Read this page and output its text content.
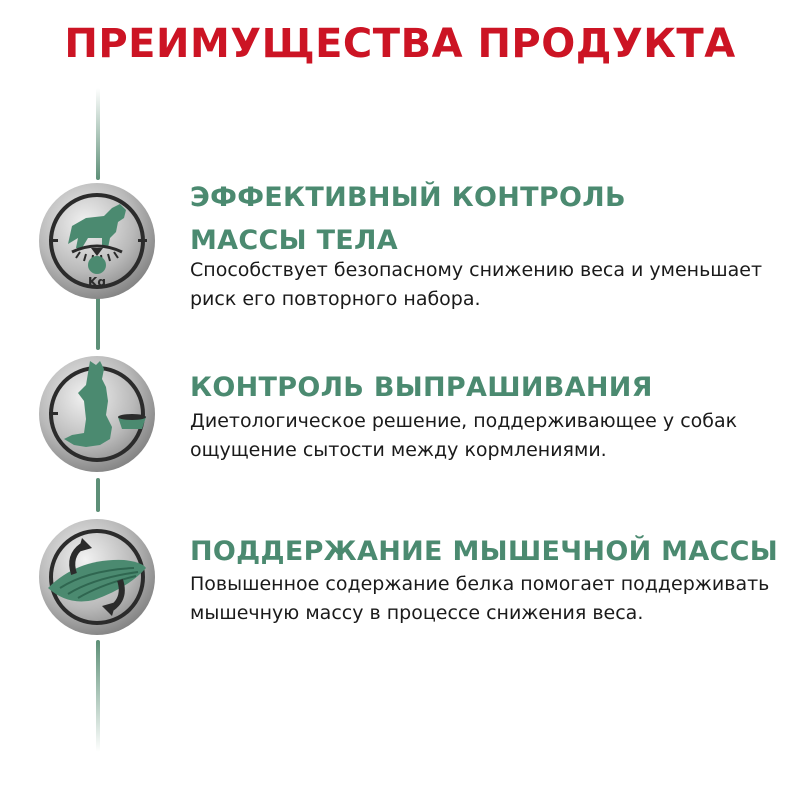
ПРЕИМУЩЕСТВА ПРОДУКТА
Kg

ЭФФЕКТИВНЫЙ КОНТРОЛЬ
МАССЫ ТЕЛА

Способствует безопасному снижению веса и уменьшает
риск его повторного набора.

КОНТРОЛЬ ВЫПРАШИВАНИЯ

Диетологическое решение, поддерживающее у собак
ощущение сытости между кормлениями.

ПОДДЕРЖАНИЕ МЫШЕЧНОЙ МАССЫ

Повышенное содержание белка помогает поддерживать
мышечную массу в процессе снижения веса.
